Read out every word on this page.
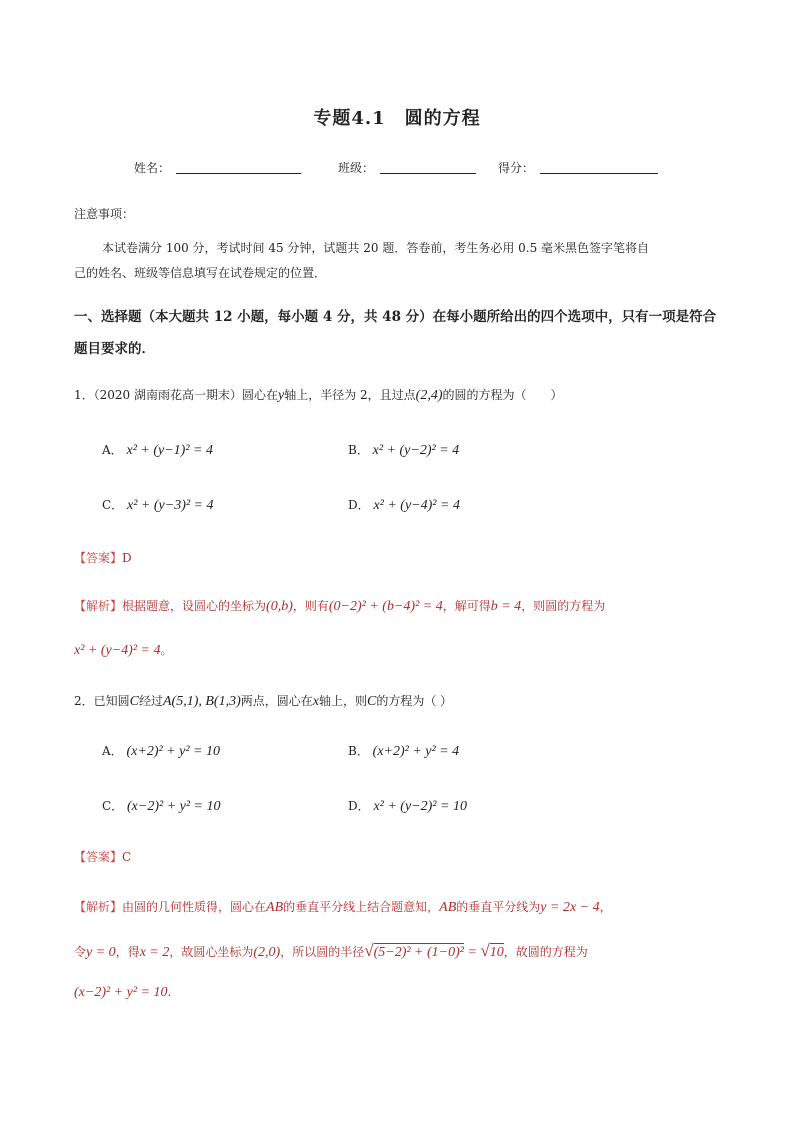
专题4.1　圆的方程
姓名：	班级：	得分：
注意事项：
本试卷满分 100 分，考试时间 45 分钟，试题共 20 题．答卷前，考生务必用 0.5 毫米黑色签字笔将自
己的姓名、班级等信息填写在试卷规定的位置．
一、选择题（本大题共 12 小题，每小题 4 分，共 48 分）在每小题所给出的四个选项中，只有一项是符合
题目要求的．
1．（2020 湖南雨花高一期末）圆心在y轴上，半径为 2，且过点(2,4)的圆的方程为（　　）
A． x² + (y−1)² = 4	B． x² + (y−2)² = 4
C． x² + (y−3)² = 4	D． x² + (y−4)² = 4
【答案】D
【解析】根据题意，设圆心的坐标为(0,b)，则有(0−2)² + (b−4)² = 4，解可得b = 4，则圆的方程为
x² + (y−4)² = 4。
2．已知圆C经过A(5,1), B(1,3)两点，圆心在x轴上，则C的方程为（ ）
A． (x+2)² + y² = 10	B． (x+2)² + y² = 4
C． (x−2)² + y² = 10	D． x² + (y−2)² = 10
【答案】C
【解析】由圆的几何性质得，圆心在AB的垂直平分线上结合题意知，AB的垂直平分线为y = 2x − 4，
令y = 0，得x = 2，故圆心坐标为(2,0)，所以圆的半径√(5−2)² + (1−0)² = √10，故圆的方程为
(x−2)² + y² = 10.
